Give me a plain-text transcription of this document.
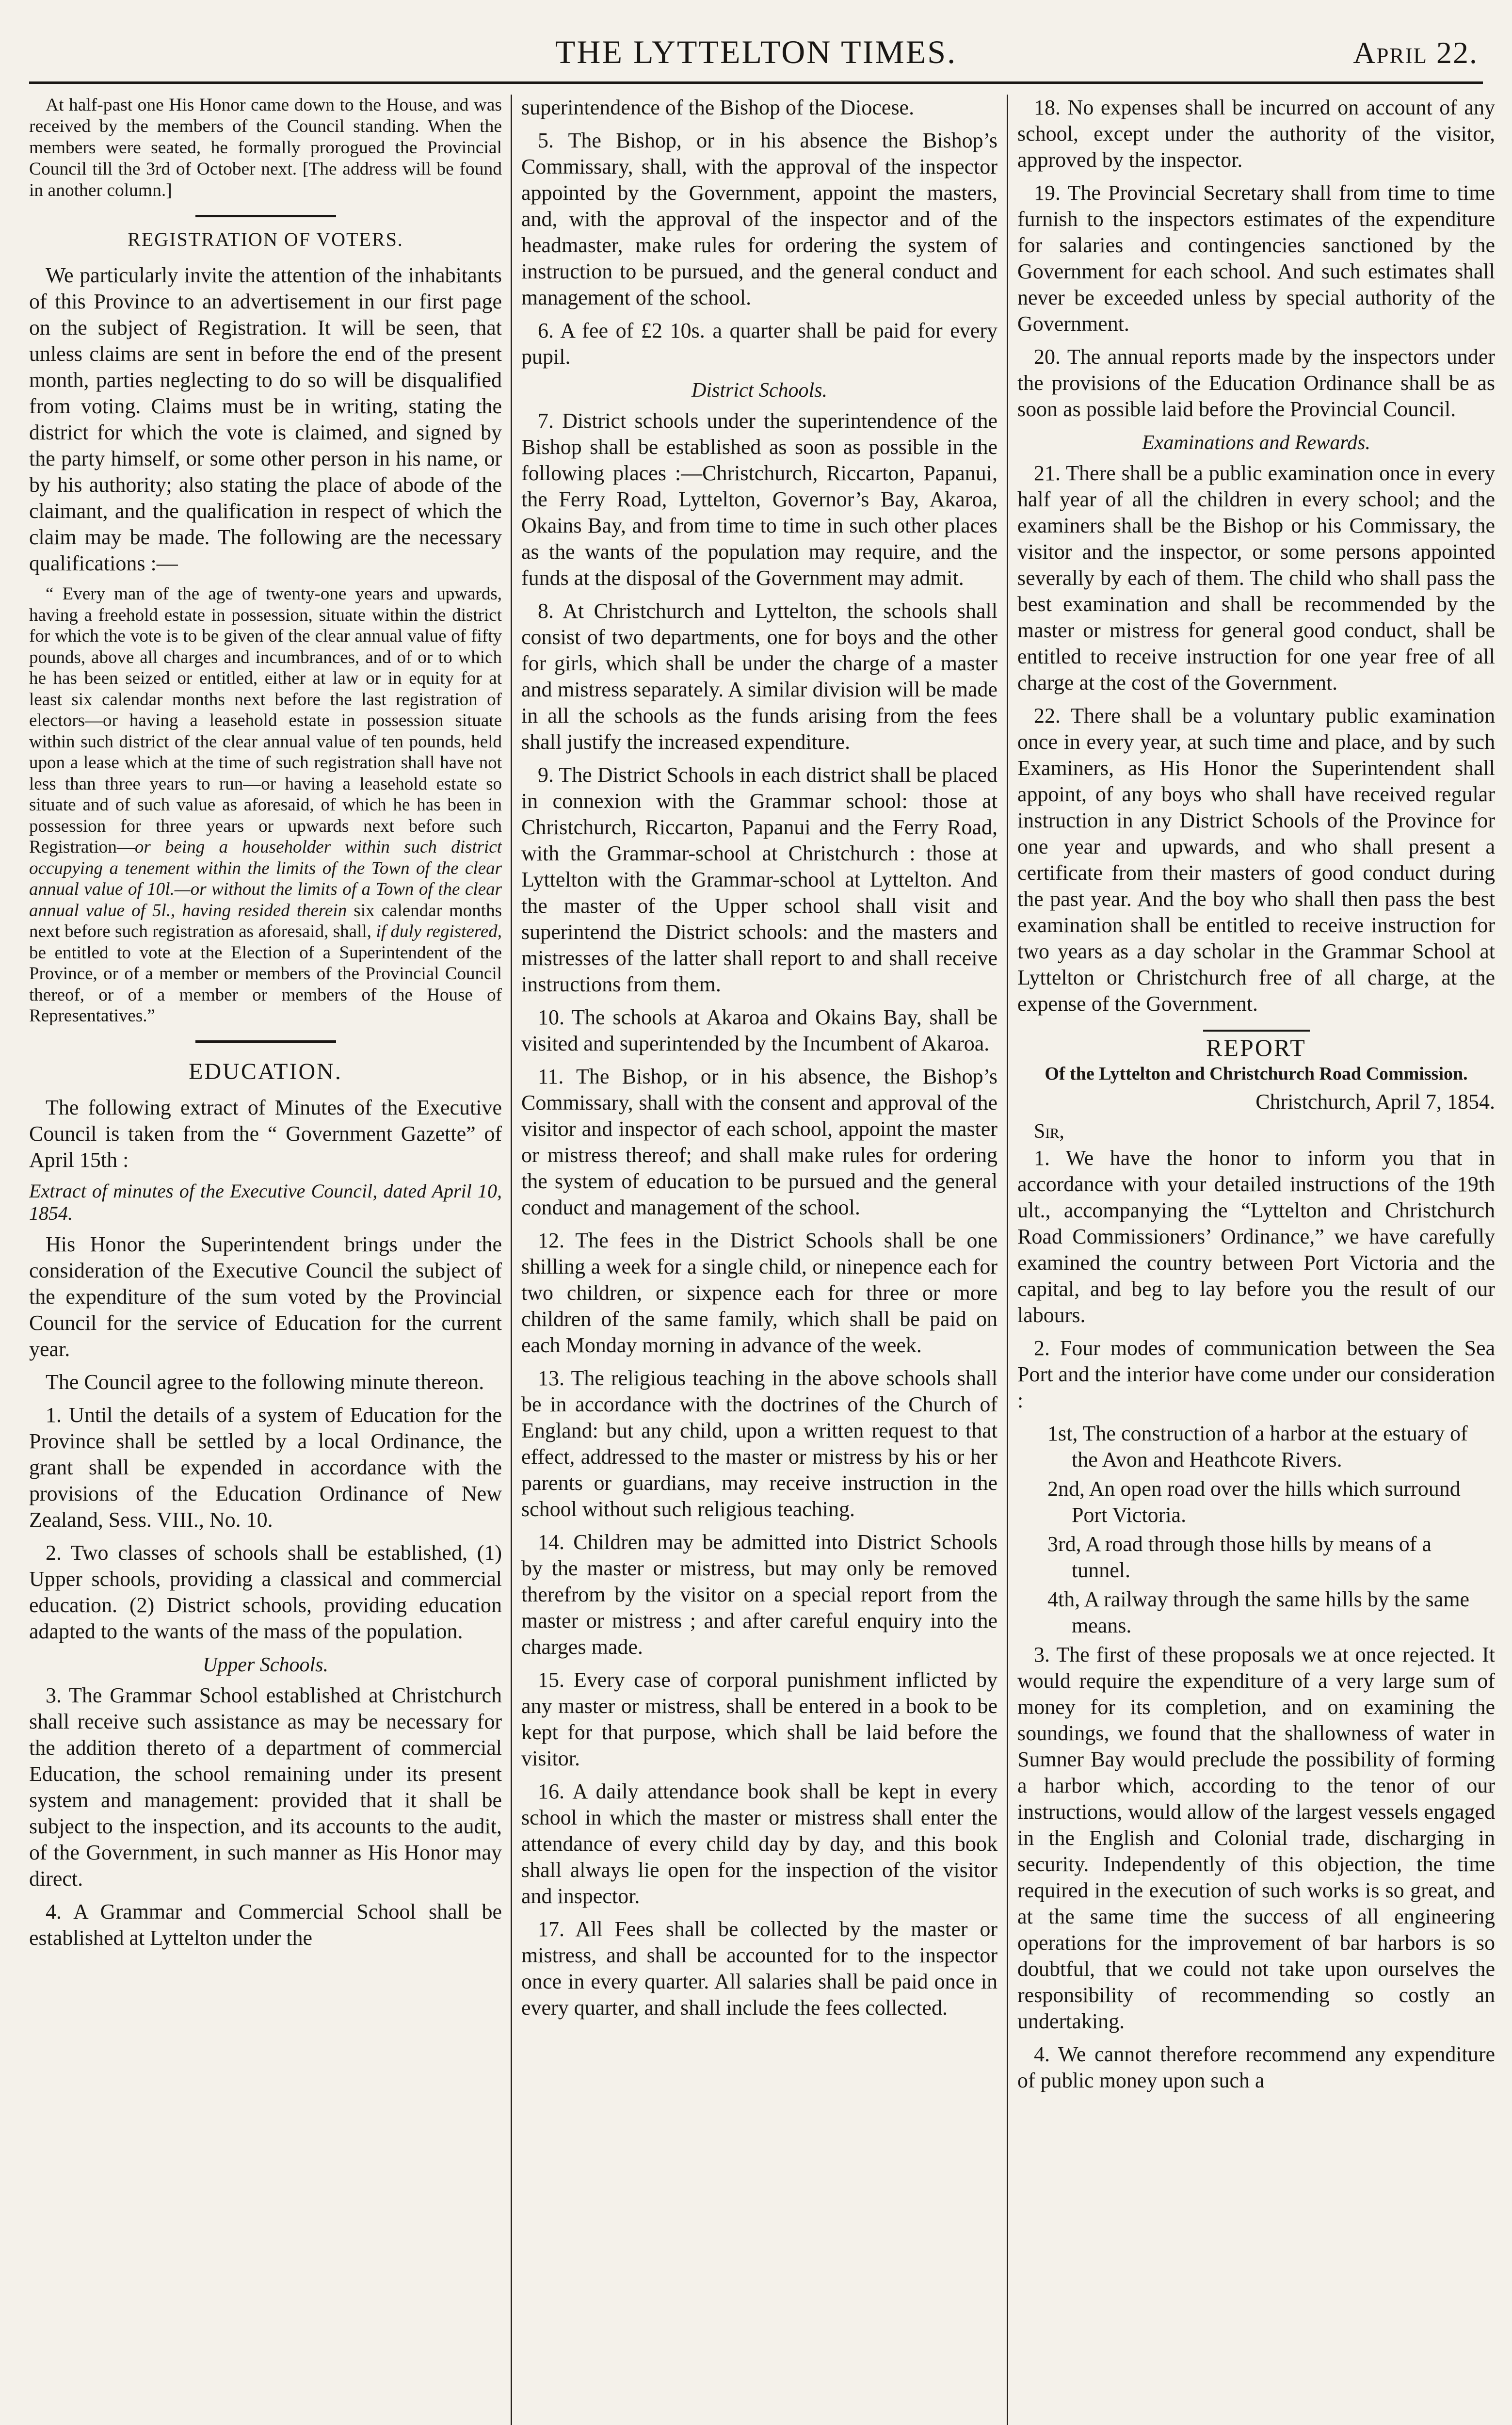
THE LYTTELTON TIMES.	April 22.

At half-past one His Honor came down to the House, and was received by the members of the Council standing. When the members were seated, he formally prorogued the Provincial Council till the 3rd of October next. [The address will be found in another column.]

REGISTRATION OF VOTERS.

We particularly invite the attention of the inhabitants of this Province to an advertisement in our first page on the subject of Registration. It will be seen, that unless claims are sent in before the end of the present month, parties neglecting to do so will be disqualified from voting. Claims must be in writing, stating the district for which the vote is claimed, and signed by the party himself, or some other person in his name, or by his authority; also stating the place of abode of the claimant, and the qualification in respect of which the claim may be made. The following are the necessary qualifications :—

“ Every man of the age of twenty-one years and upwards, having a freehold estate in possession, situate within the district for which the vote is to be given of the clear annual value of fifty pounds, above all charges and incumbrances, and of or to which he has been seized or entitled, either at law or in equity for at least six calendar months next before the last registration of electors—or having a leasehold estate in possession situate within such district of the clear annual value of ten pounds, held upon a lease which at the time of such registration shall have not less than three years to run—or having a leasehold estate so situate and of such value as aforesaid, of which he has been in possession for three years or upwards next before such Registration—or being a householder within such district occupying a tenement within the limits of the Town of the clear annual value of 10l.—or without the limits of a Town of the clear annual value of 5l., having resided therein six calendar months next before such registration as aforesaid, shall, if duly registered, be entitled to vote at the Election of a Superintendent of the Province, or of a member or members of the Provincial Council thereof, or of a member or members of the House of Representatives.”

EDUCATION.

The following extract of Minutes of the Executive Council is taken from the “ Government Gazette” of April 15th :

Extract of minutes of the Executive Council, dated April 10, 1854.

His Honor the Superintendent brings under the consideration of the Executive Council the subject of the expenditure of the sum voted by the Provincial Council for the service of Education for the current year.

The Council agree to the following minute thereon.

1. Until the details of a system of Education for the Province shall be settled by a local Ordinance, the grant shall be expended in accordance with the provisions of the Education Ordinance of New Zealand, Sess. VIII., No. 10.

2. Two classes of schools shall be established, (1) Upper schools, providing a classical and commercial education. (2) District schools, providing education adapted to the wants of the mass of the population.

Upper Schools.

3. The Grammar School established at Christchurch shall receive such assistance as may be necessary for the addition thereto of a department of commercial Education, the school remaining under its present system and management: provided that it shall be subject to the inspection, and its accounts to the audit, of the Government, in such manner as His Honor may direct.

4. A Grammar and Commercial School shall be established at Lyttelton under the

superintendence of the Bishop of the Diocese.

5. The Bishop, or in his absence the Bishop’s Commissary, shall, with the approval of the inspector appointed by the Government, appoint the masters, and, with the approval of the inspector and of the headmaster, make rules for ordering the system of instruction to be pursued, and the general conduct and management of the school.

6. A fee of £2 10s. a quarter shall be paid for every pupil.

District Schools.

7. District schools under the superintendence of the Bishop shall be established as soon as possible in the following places :—Christchurch, Riccarton, Papanui, the Ferry Road, Lyttelton, Governor’s Bay, Akaroa, Okains Bay, and from time to time in such other places as the wants of the population may require, and the funds at the disposal of the Government may admit.

8. At Christchurch and Lyttelton, the schools shall consist of two departments, one for boys and the other for girls, which shall be under the charge of a master and mistress separately. A similar division will be made in all the schools as the funds arising from the fees shall justify the increased expenditure.

9. The District Schools in each district shall be placed in connexion with the Grammar school: those at Christchurch, Riccarton, Papanui and the Ferry Road, with the Grammar-school at Christchurch : those at Lyttelton with the Grammar-school at Lyttelton. And the master of the Upper school shall visit and superintend the District schools: and the masters and mistresses of the latter shall report to and shall receive instructions from them.

10. The schools at Akaroa and Okains Bay, shall be visited and superintended by the Incumbent of Akaroa.

11. The Bishop, or in his absence, the Bishop’s Commissary, shall with the consent and approval of the visitor and inspector of each school, appoint the master or mistress thereof; and shall make rules for ordering the system of education to be pursued and the general conduct and management of the school.

12. The fees in the District Schools shall be one shilling a week for a single child, or ninepence each for two children, or sixpence each for three or more children of the same family, which shall be paid on each Monday morning in advance of the week.

13. The religious teaching in the above schools shall be in accordance with the doctrines of the Church of England: but any child, upon a written request to that effect, addressed to the master or mistress by his or her parents or guardians, may receive instruction in the school without such religious teaching.

14. Children may be admitted into District Schools by the master or mistress, but may only be removed therefrom by the visitor on a special report from the master or mistress ; and after careful enquiry into the charges made.

15. Every case of corporal punishment inflicted by any master or mistress, shall be entered in a book to be kept for that purpose, which shall be laid before the visitor.

16. A daily attendance book shall be kept in every school in which the master or mistress shall enter the attendance of every child day by day, and this book shall always lie open for the inspection of the visitor and inspector.

17. All Fees shall be collected by the master or mistress, and shall be accounted for to the inspector once in every quarter. All salaries shall be paid once in every quarter, and shall include the fees collected.

18. No expenses shall be incurred on account of any school, except under the authority of the visitor, approved by the inspector.

19. The Provincial Secretary shall from time to time furnish to the inspectors estimates of the expenditure for salaries and contingencies sanctioned by the Government for each school. And such estimates shall never be exceeded unless by special authority of the Government.

20. The annual reports made by the inspectors under the provisions of the Education Ordinance shall be as soon as possible laid before the Provincial Council.

Examinations and Rewards.

21. There shall be a public examination once in every half year of all the children in every school; and the examiners shall be the Bishop or his Commissary, the visitor and the inspector, or some persons appointed severally by each of them. The child who shall pass the best examination and shall be recommended by the master or mistress for general good conduct, shall be entitled to receive instruction for one year free of all charge at the cost of the Government.

22. There shall be a voluntary public examination once in every year, at such time and place, and by such Examiners, as His Honor the Superintendent shall appoint, of any boys who shall have received regular instruction in any District Schools of the Province for one year and upwards, and who shall present a certificate from their masters of good conduct during the past year. And the boy who shall then pass the best examination shall be entitled to receive instruction for two years as a day scholar in the Grammar School at Lyttelton or Christchurch free of all charge, at the expense of the Government.

REPORT
Of the Lyttelton and Christchurch Road Commission.

Christchurch, April 7, 1854.

Sir,

1. We have the honor to inform you that in accordance with your detailed instructions of the 19th ult., accompanying the “Lyttelton and Christchurch Road Commissioners’ Ordinance,” we have carefully examined the country between Port Victoria and the capital, and beg to lay before you the result of our labours.

2. Four modes of communication between the Sea Port and the interior have come under our consideration :

1st, The construction of a harbor at the estuary of the Avon and Heathcote Rivers.

2nd, An open road over the hills which surround Port Victoria.

3rd, A road through those hills by means of a tunnel.

4th, A railway through the same hills by the same means.

3. The first of these proposals we at once rejected. It would require the expenditure of a very large sum of money for its completion, and on examining the soundings, we found that the shallowness of water in Sumner Bay would preclude the possibility of forming a harbor which, according to the tenor of our instructions, would allow of the largest vessels engaged in the English and Colonial trade, discharging in security. Independently of this objection, the time required in the execution of such works is so great, and at the same time the success of all engineering operations for the improvement of bar harbors is so doubtful, that we could not take upon ourselves the responsibility of recommending so costly an undertaking.

4. We cannot therefore recommend any expenditure of public money upon such a
